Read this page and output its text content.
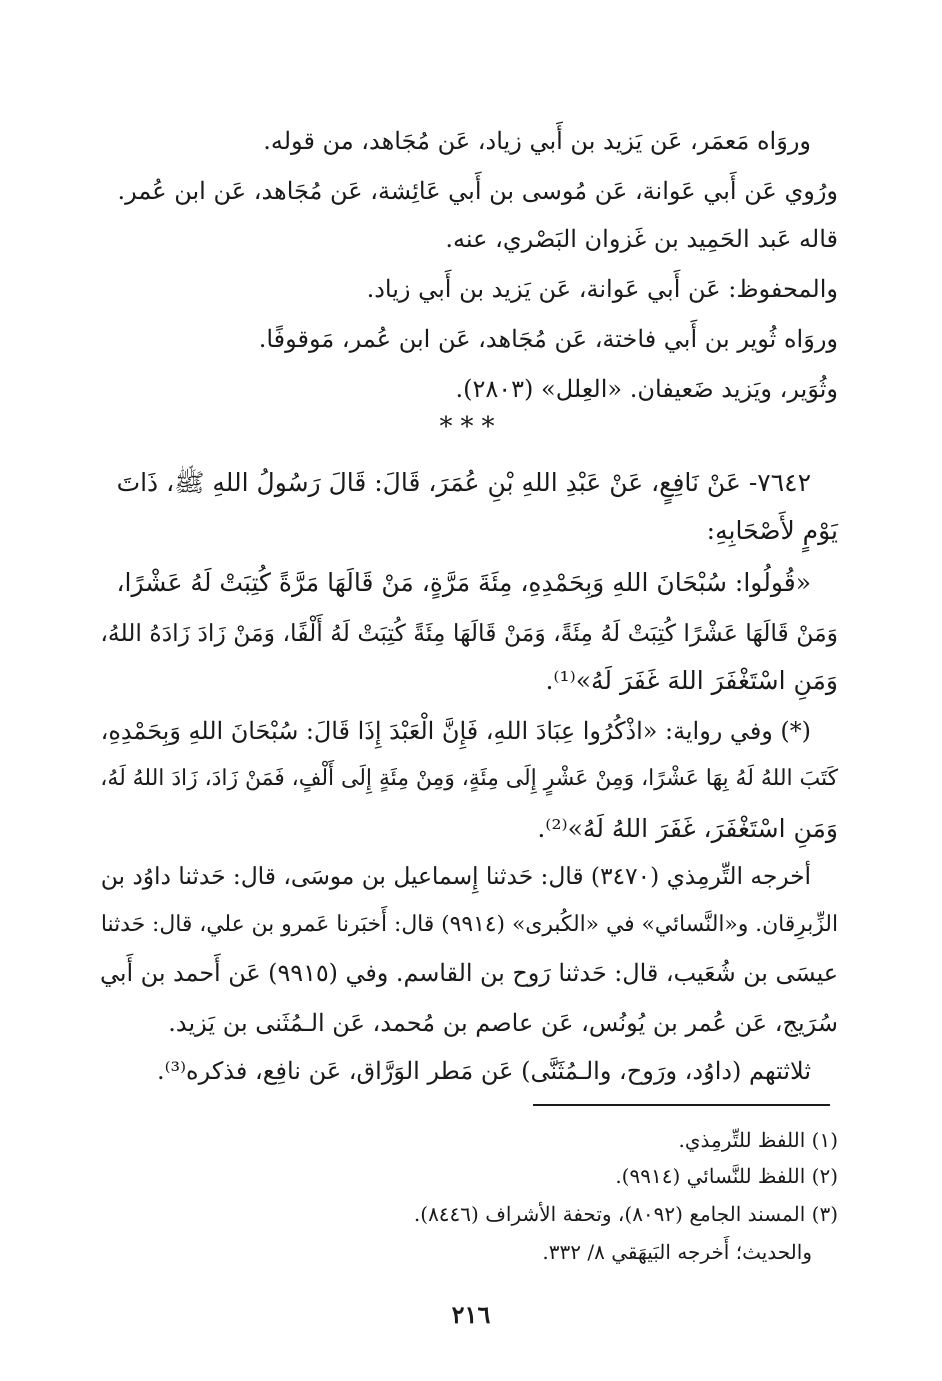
وروَاه مَعمَر، عَن يَزيد بن أَبي زياد، عَن مُجَاهد، من قوله.
ورُوي عَن أَبي عَوانة، عَن مُوسى بن أَبي عَائِشة، عَن مُجَاهد، عَن ابن عُمر.
قاله عَبد الحَمِيد بن غَزوان البَصْري، عنه.
والمحفوظ: عَن أَبي عَوانة، عَن يَزيد بن أَبي زياد.
وروَاه ثُوير بن أَبي فاختة، عَن مُجَاهد، عَن ابن عُمر، مَوقوفًا.
وثُوَير، ويَزيد ضَعيفان. «العِلل» (٢٨٠٣).
***
٧٦٤٢- عَنْ نَافِعٍ، عَنْ عَبْدِ اللهِ بْنِ عُمَرَ، قَالَ: قَالَ رَسُولُ اللهِ ﷺ، ذَاتَ
يَوْمٍ لأَصْحَابِهِ:
«قُولُوا: سُبْحَانَ اللهِ وَبِحَمْدِهِ، مِئَةَ مَرَّةٍ، مَنْ قَالَهَا مَرَّةً كُتِبَتْ لَهُ عَشْرًا،
وَمَنْ قَالَهَا عَشْرًا كُتِبَتْ لَهُ مِئَةً، وَمَنْ قَالَهَا مِئَةً كُتِبَتْ لَهُ أَلْفًا، وَمَنْ زَادَ زَادَهُ اللهُ،
وَمَنِ اسْتَغْفَرَ اللهَ غَفَرَ لَهُ»⁽¹⁾.
(*) وفي رواية: «اذْكُرُوا عِبَادَ اللهِ، فَإِنَّ الْعَبْدَ إِذَا قَالَ: سُبْحَانَ اللهِ وَبِحَمْدِهِ،
كَتَبَ اللهُ لَهُ بِهَا عَشْرًا، وَمِنْ عَشْرٍ إِلَى مِئَةٍ، وَمِنْ مِئَةٍ إِلَى أَلْفٍ، فَمَنْ زَادَ، زَادَ اللهُ لَهُ،
وَمَنِ اسْتَغْفَرَ، غَفَرَ اللهُ لَهُ»⁽²⁾.
أخرجه التِّرمِذي (٣٤٧٠) قال: حَدثنا إِسماعيل بن موسَى، قال: حَدثنا داوُد بن
الزِّبرِقان. و«النَّسائي» في «الكُبرى» (٩٩١٤) قال: أَخبَرنا عَمرو بن علي، قال: حَدثنا
عيسَى بن شُعَيب، قال: حَدثنا رَوح بن القاسم. وفي (٩٩١٥) عَن أَحمد بن أَبي
سُرَيج، عَن عُمر بن يُونُس، عَن عاصم بن مُحمد، عَن الـمُثَنى بن يَزيد.
ثلاثتهم (داوُد، ورَوح، والـمُثَنَّى) عَن مَطر الوَرَّاق، عَن نافِع، فذكره⁽³⁾.
(١) اللفظ للتِّرمِذي.
(٢) اللفظ للنَّسائي (٩٩١٤).
(٣) المسند الجامع (٨٠٩٢)، وتحفة الأشراف (٨٤٤٦).
والحديث؛ أَخرجه البَيهَقي ٨/ ٣٣٢.
٢١٦
